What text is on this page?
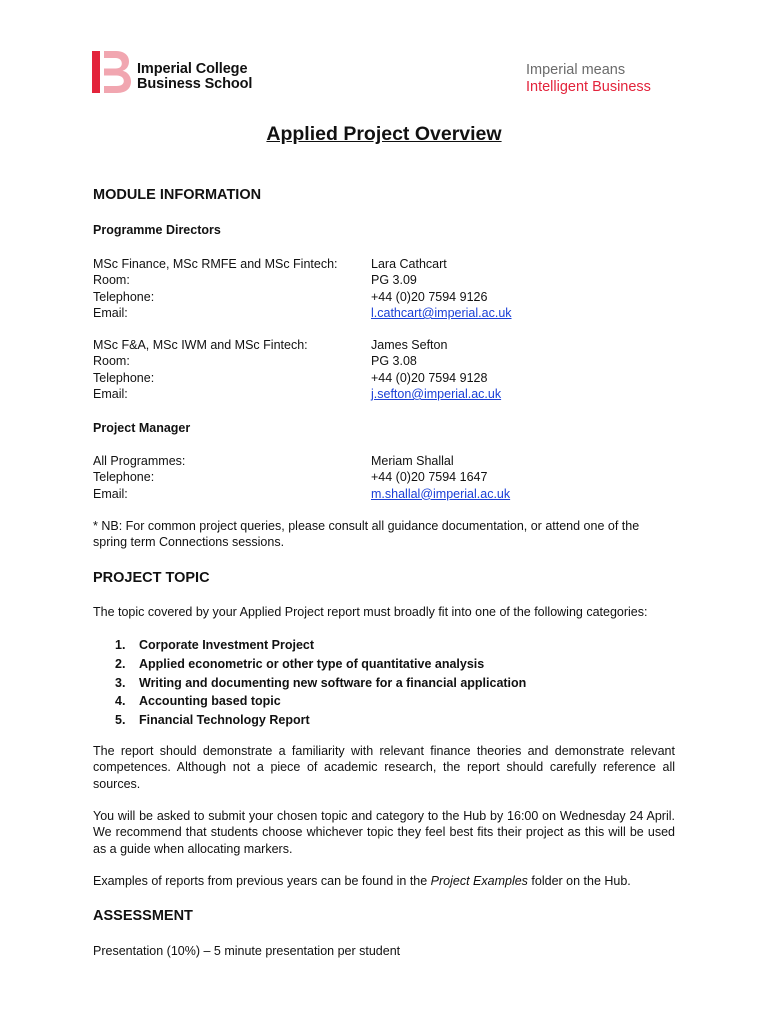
Imperial College
Business School
Imperial means
Intelligent Business
Applied Project Overview
MODULE INFORMATION
Programme Directors
MSc Finance, MSc RMFE and MSc Fintech:	Lara Cathcart
Room:	PG 3.09
Telephone:	+44 (0)20 7594 9126
Email:	l.cathcart@imperial.ac.uk
MSc F&A, MSc IWM and MSc Fintech:	James Sefton
Room:	PG 3.08
Telephone:	+44 (0)20 7594 9128
Email:	j.sefton@imperial.ac.uk
Project Manager
All Programmes:	Meriam Shallal
Telephone:	+44 (0)20 7594 1647
Email:	m.shallal@imperial.ac.uk
* NB: For common project queries, please consult all guidance documentation, or attend one of the spring term Connections sessions.
PROJECT TOPIC
The topic covered by your Applied Project report must broadly fit into one of the following categories:
1. Corporate Investment Project
2. Applied econometric or other type of quantitative analysis
3. Writing and documenting new software for a financial application
4. Accounting based topic
5. Financial Technology Report
The report should demonstrate a familiarity with relevant finance theories and demonstrate relevant competences. Although not a piece of academic research, the report should carefully reference all sources.
You will be asked to submit your chosen topic and category to the Hub by 16:00 on Wednesday 24 April. We recommend that students choose whichever topic they feel best fits their project as this will be used as a guide when allocating markers.
Examples of reports from previous years can be found in the Project Examples folder on the Hub.
ASSESSMENT
Presentation (10%) – 5 minute presentation per student
